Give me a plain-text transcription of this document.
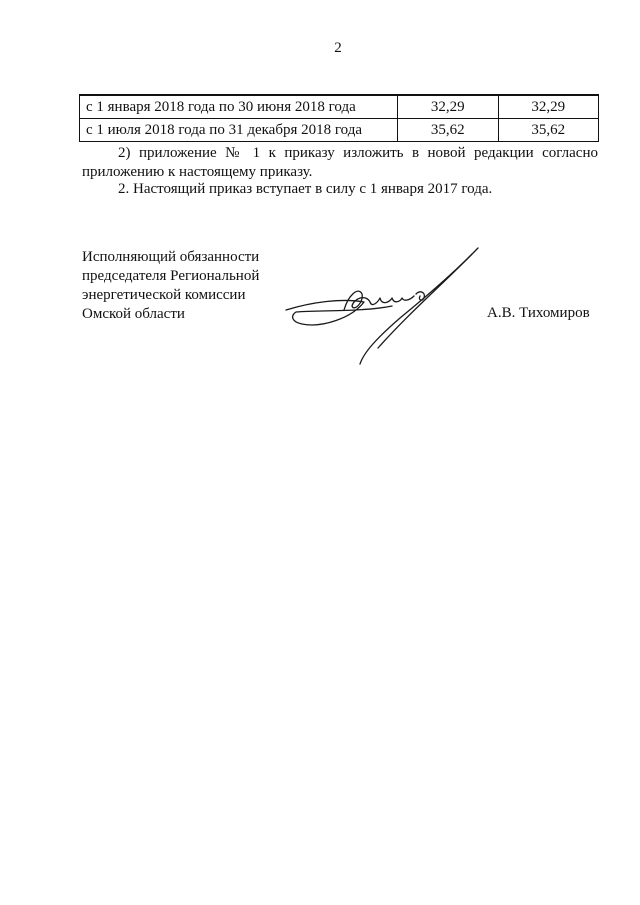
2
с 1 января 2018 года по 30 июня 2018 года	32,29	32,29
с 1 июля 2018 года по 31 декабря 2018 года	35,62	35,62

2) приложение № 1 к приказу изложить в новой редакции согласно приложению к настоящему приказу.

2. Настоящий приказ вступает в силу с 1 января 2017 года.

Исполняющий обязанности
председателя Региональной
энергетической комиссии
Омской области	А.В. Тихомиров
